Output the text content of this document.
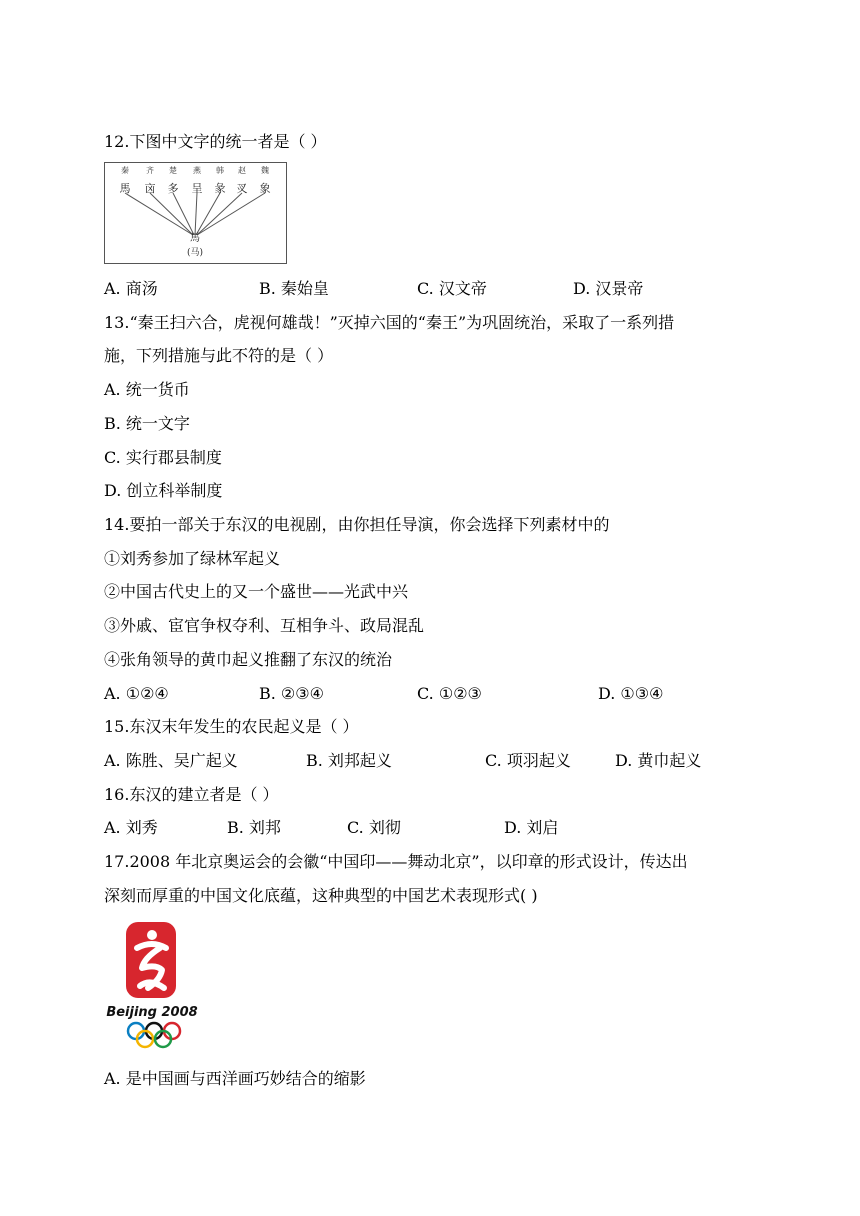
12.下图中文字的统一者是（ ）
秦	齐	楚	燕	韩	赵	魏
馬	㐫	多	呈	彖	㕚	象
馬
(马)
A. 商汤	B. 秦始皇	C. 汉文帝	D. 汉景帝
13.“秦王扫六合，虎视何雄哉！”灭掉六国的“秦王”为巩固统治，采取了一系列措
施，下列措施与此不符的是（ ）
A. 统一货币
B. 统一文字
C. 实行郡县制度
D. 创立科举制度
14.要拍一部关于东汉的电视剧，由你担任导演，你会选择下列素材中的
①刘秀参加了绿林军起义
②中国古代史上的又一个盛世——光武中兴
③外戚、宦官争权夺利、互相争斗、政局混乱
④张角领导的黄巾起义推翻了东汉的统治
A. ①②④	B. ②③④	C. ①②③	D. ①③④
15.东汉末年发生的农民起义是（ ）
A. 陈胜、吴广起义	B. 刘邦起义	C. 项羽起义	D. 黄巾起义
16.东汉的建立者是（ ）
A. 刘秀	B. 刘邦	C. 刘彻	D. 刘启
17.2008 年北京奥运会的会徽“中国印——舞动北京”，以印章的形式设计，传达出
深刻而厚重的中国文化底蕴，这种典型的中国艺术表现形式( )
Beijing 2008
A. 是中国画与西洋画巧妙结合的缩影
